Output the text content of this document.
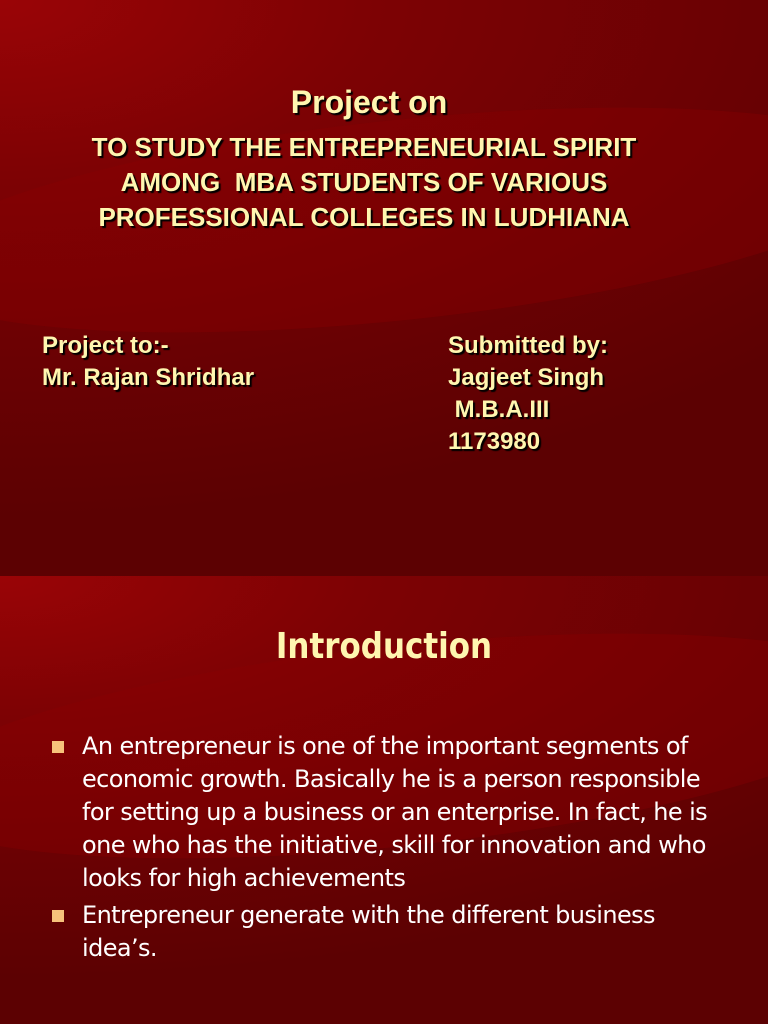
Project on
TO STUDY THE ENTREPRENEURIAL SPIRIT
AMONG  MBA STUDENTS OF VARIOUS
PROFESSIONAL COLLEGES IN LUDHIANA
Project to:-
Mr. Rajan Shridhar
Submitted by:
Jagjeet Singh
M.B.A.III
1173980
Introduction
An entrepreneur is one of the important segments of economic growth. Basically he is a person responsible for setting up a business or an enterprise. In fact, he is one who has the initiative, skill for innovation and who looks for high achievements
Entrepreneur generate with the different business idea’s.
